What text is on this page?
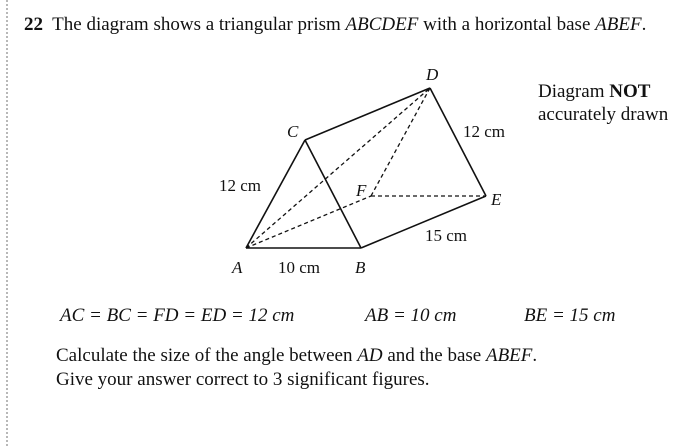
22 The diagram shows a triangular prism ABCDEF with a horizontal base ABEF.
Diagram NOT
accurately drawn
A	B
C
D
E
F
12 cm
10 cm
12 cm
15 cm
AC = BC = FD = ED = 12 cm	AB = 10 cm	BE = 15 cm
Calculate the size of the angle between AD and the base ABEF.
Give your answer correct to 3 significant figures.
